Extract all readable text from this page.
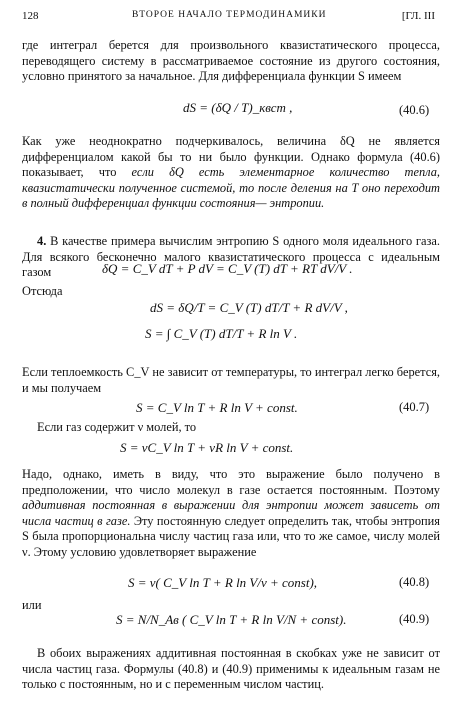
128	ВТОРОЕ НАЧАЛО ТЕРМОДИНАМИКИ	[ГЛ. III
где интеграл берется для произвольного квазистатического процесса, переводящего систему в рассматриваемое состояние из другого состояния, условно принятого за начальное. Для дифференциала функции S имеем
dS = (δQ / T)_квст ,	(40.6)
Как уже неоднократно подчеркивалось, величина δQ не является дифференциалом какой бы то ни было функции. Однако формула (40.6) показывает, что если δQ есть элементарное количество тепла, квазистатически полученное системой, то после деления на T оно переходит в полный дифференциал функции состояния— энтропии.
4. В качестве примера вычислим энтропию S одного моля идеального газа. Для всякого бесконечно малого квазистатического процесса с идеальным газом	δQ = C_V dT + P dV = C_V (T) dT + RT dV/V .
Отсюда
dS = δQ/T = C_V (T) dT/T + R dV/V ,
S = ∫ C_V (T) dT/T + R ln V .
Если теплоемкость C_V не зависит от температуры, то интеграл легко берется, и мы получаем
S = C_V ln T + R ln V + const.	(40.7)
Если газ содержит ν молей, то
S = νC_V ln T + νR ln V + const.
Надо, однако, иметь в виду, что это выражение было получено в предположении, что число молекул в газе остается постоянным. Поэтому аддитивная постоянная в выражении для энтропии может зависеть от числа частиц в газе. Эту постоянную следует определить так, чтобы энтропия S была пропорциональна числу частиц газа или, что то же самое, числу молей ν. Этому условию удовлетворяет выражение
S = ν( C_V ln T + R ln V/ν + const),	(40.8)
или
S = N/N_Ав ( C_V ln T + R ln V/N + const).	(40.9)
В обоих выражениях аддитивная постоянная в скобках уже не зависит от числа частиц газа. Формулы (40.8) и (40.9) применимы к идеальным газам не только с постоянным, но и с переменным числом частиц.
